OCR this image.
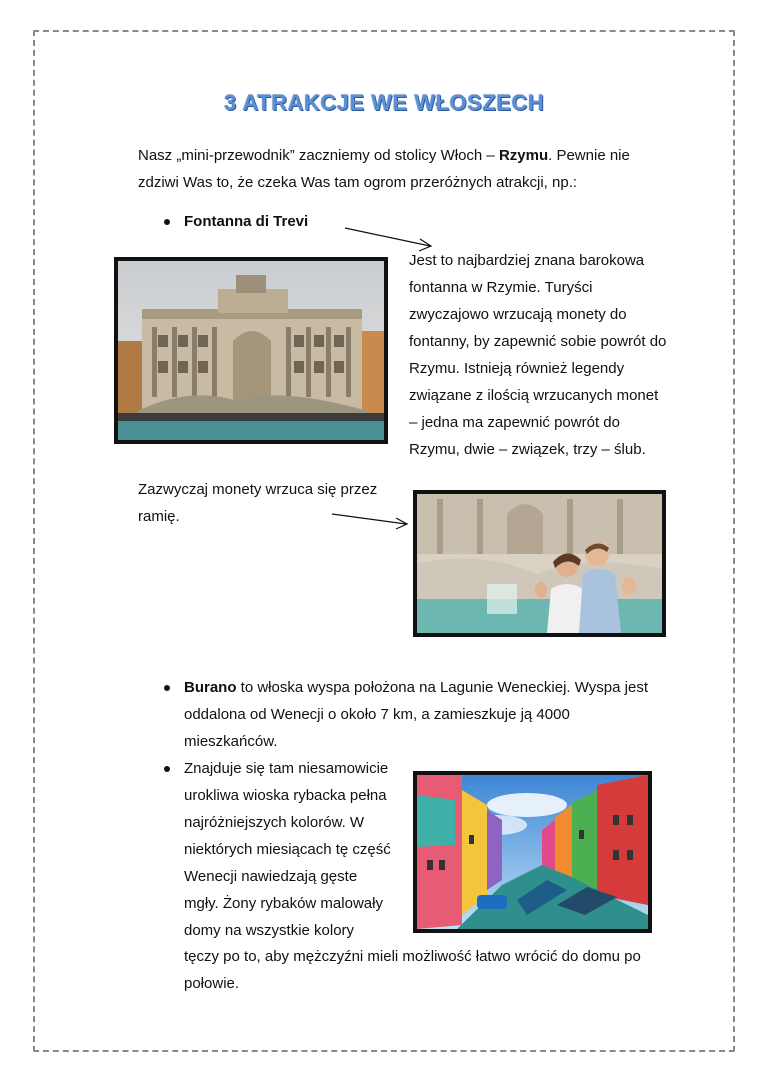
3 ATRAKCJE WE WŁOSZECH

Nasz „mini-przewodnik” zaczniemy od stolicy Włoch – Rzymu. Pewnie nie zdziwi Was to, że czeka Was tam ogrom przeróżnych atrakcji, np.:

Fontanna di Trevi
Jest to najbardziej znana barokowa
fontanna w Rzymie. Turyści
zwyczajowo wrzucają monety do
fontanny, by zapewnić sobie powrót do
Rzymu. Istnieją również legendy
związane z ilością wrzucanych monet
– jedna ma zapewnić powrót do
Rzymu, dwie – związek, trzy – ślub.
Zazwyczaj monety wrzuca się przez
ramię.
Burano to włoska wyspa położona na Lagunie Weneckiej. Wyspa jest
oddalona od Wenecji o około 7 km, a zamieszkuje ją 4000
mieszkańców.
Znajduje się tam niesamowicie
urokliwa wioska rybacka pełna
najróżniejszych kolorów. W
niektórych miesiącach tę część
Wenecji nawiedzają gęste
mgły. Żony rybaków malowały
domy na wszystkie kolory
tęczy po to, aby mężczyźni mieli możliwość łatwo wrócić do domu po
połowie.
